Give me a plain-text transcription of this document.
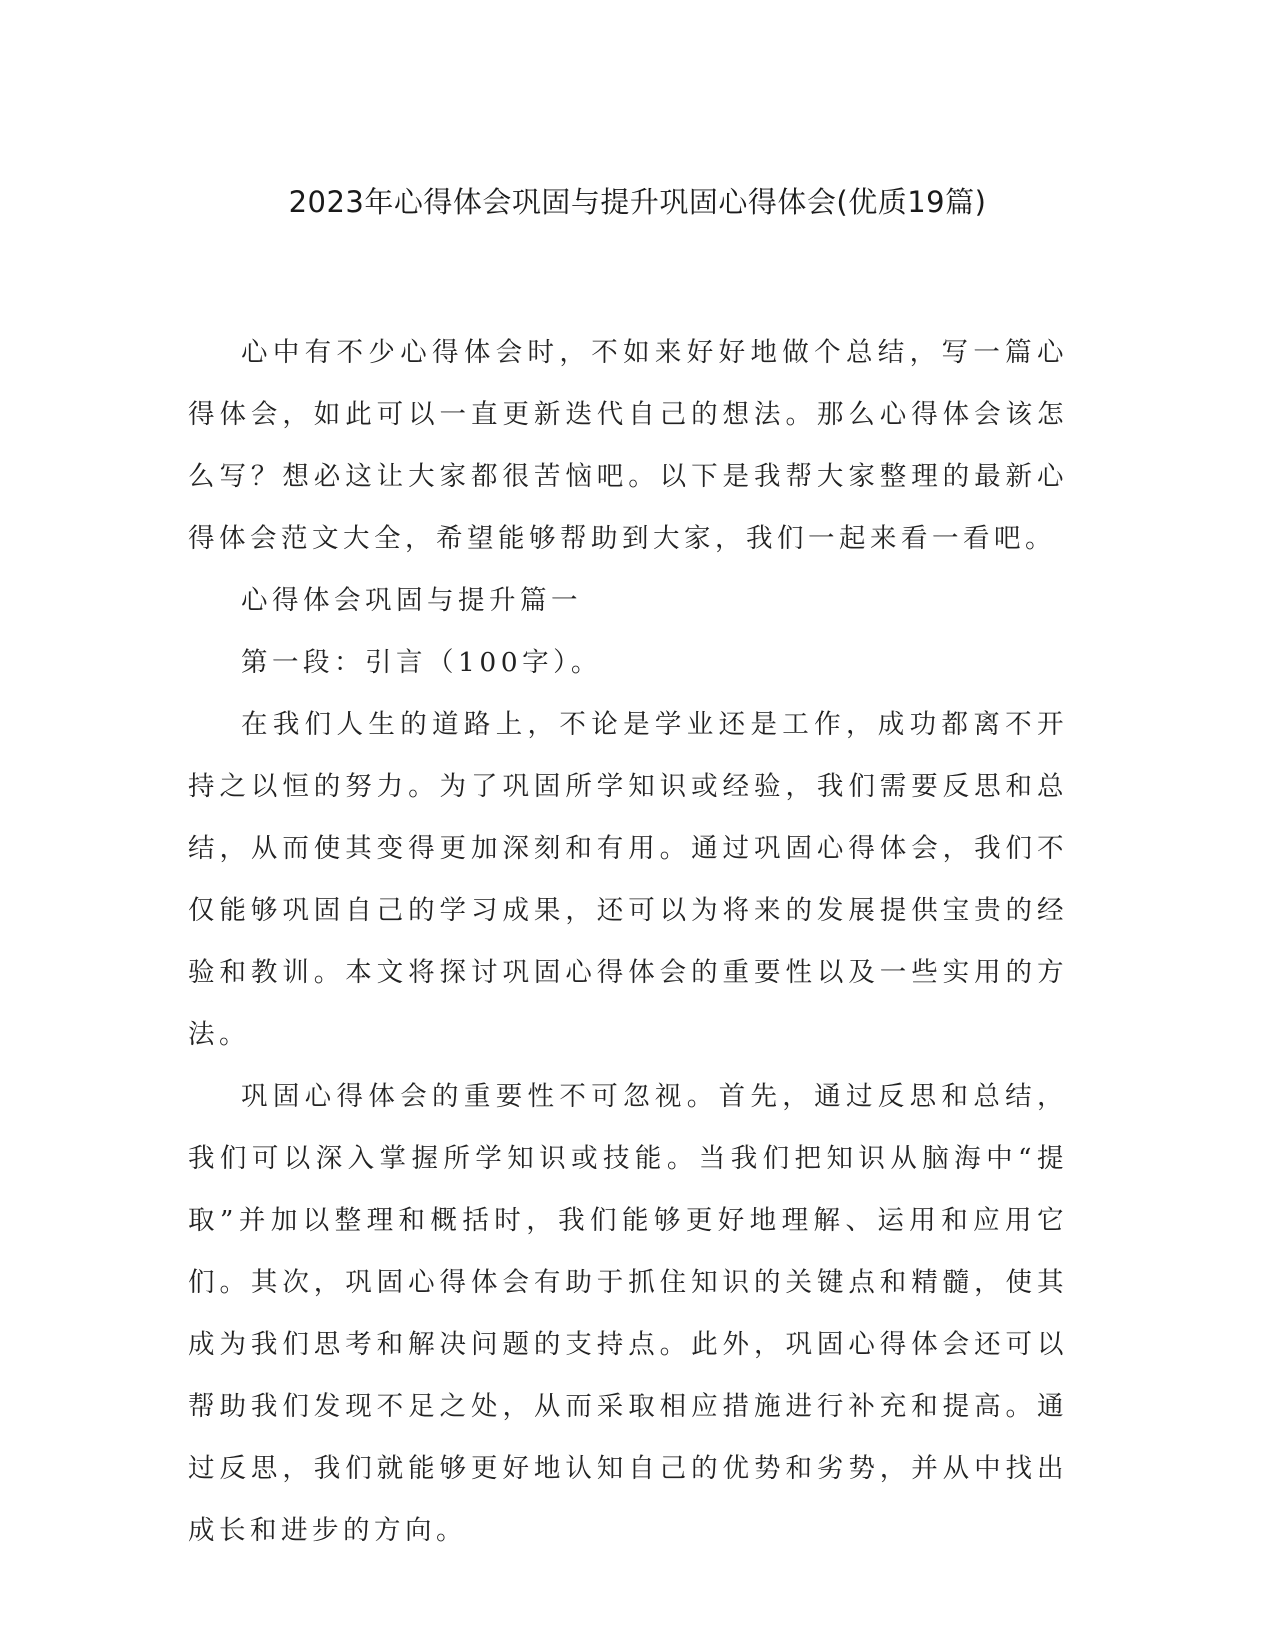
2023年心得体会巩固与提升巩固心得体会(优质19篇)

心中有不少心得体会时，不如来好好地做个总结，写一篇心得体会，如此可以一直更新迭代自己的想法。那么心得体会该怎么写？想必这让大家都很苦恼吧。以下是我帮大家整理的最新心得体会范文大全，希望能够帮助到大家，我们一起来看一看吧。

心得体会巩固与提升篇一

第一段：引言（100字）。

在我们人生的道路上，不论是学业还是工作，成功都离不开持之以恒的努力。为了巩固所学知识或经验，我们需要反思和总结，从而使其变得更加深刻和有用。通过巩固心得体会，我们不仅能够巩固自己的学习成果，还可以为将来的发展提供宝贵的经验和教训。本文将探讨巩固心得体会的重要性以及一些实用的方法。

巩固心得体会的重要性不可忽视。首先，通过反思和总结，我们可以深入掌握所学知识或技能。当我们把知识从脑海中“提取”并加以整理和概括时，我们能够更好地理解、运用和应用它们。其次，巩固心得体会有助于抓住知识的关键点和精髓，使其成为我们思考和解决问题的支持点。此外，巩固心得体会还可以帮助我们发现不足之处，从而采取相应措施进行补充和提高。通过反思，我们就能够更好地认知自己的优势和劣势，并从中找出成长和进步的方向。
